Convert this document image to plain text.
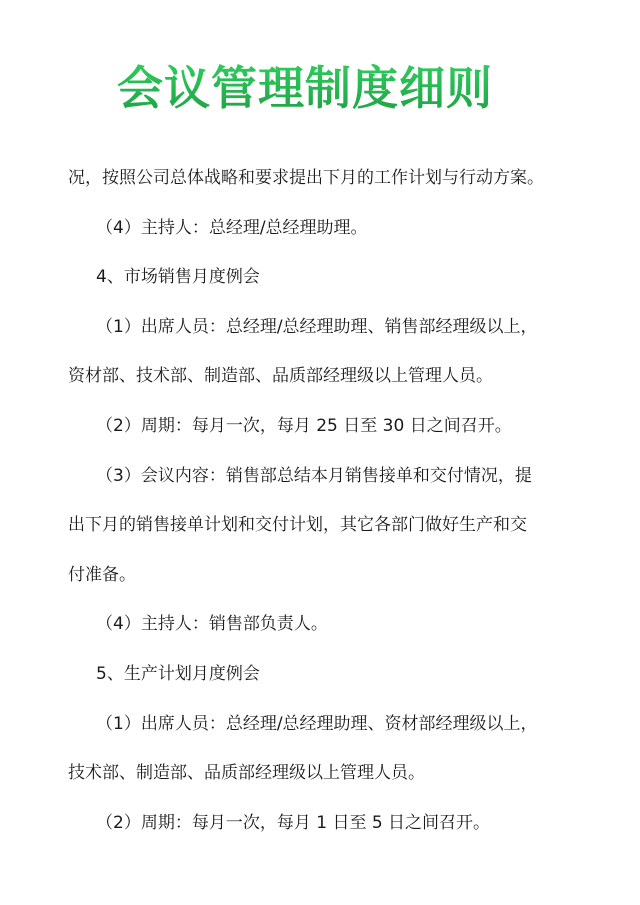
会议管理制度细则
况，按照公司总体战略和要求提出下月的工作计划与行动方案。
（4）主持人：总经理/总经理助理。
4、市场销售月度例会
（1）出席人员：总经理/总经理助理、销售部经理级以上，
资材部、技术部、制造部、品质部经理级以上管理人员。
（2）周期：每月一次，每月 25 日至 30 日之间召开。
（3）会议内容：销售部总结本月销售接单和交付情况，提
出下月的销售接单计划和交付计划，其它各部门做好生产和交
付准备。
（4）主持人：销售部负责人。
5、生产计划月度例会
（1）出席人员：总经理/总经理助理、资材部经理级以上，
技术部、制造部、品质部经理级以上管理人员。
（2）周期：每月一次，每月 1 日至 5 日之间召开。
